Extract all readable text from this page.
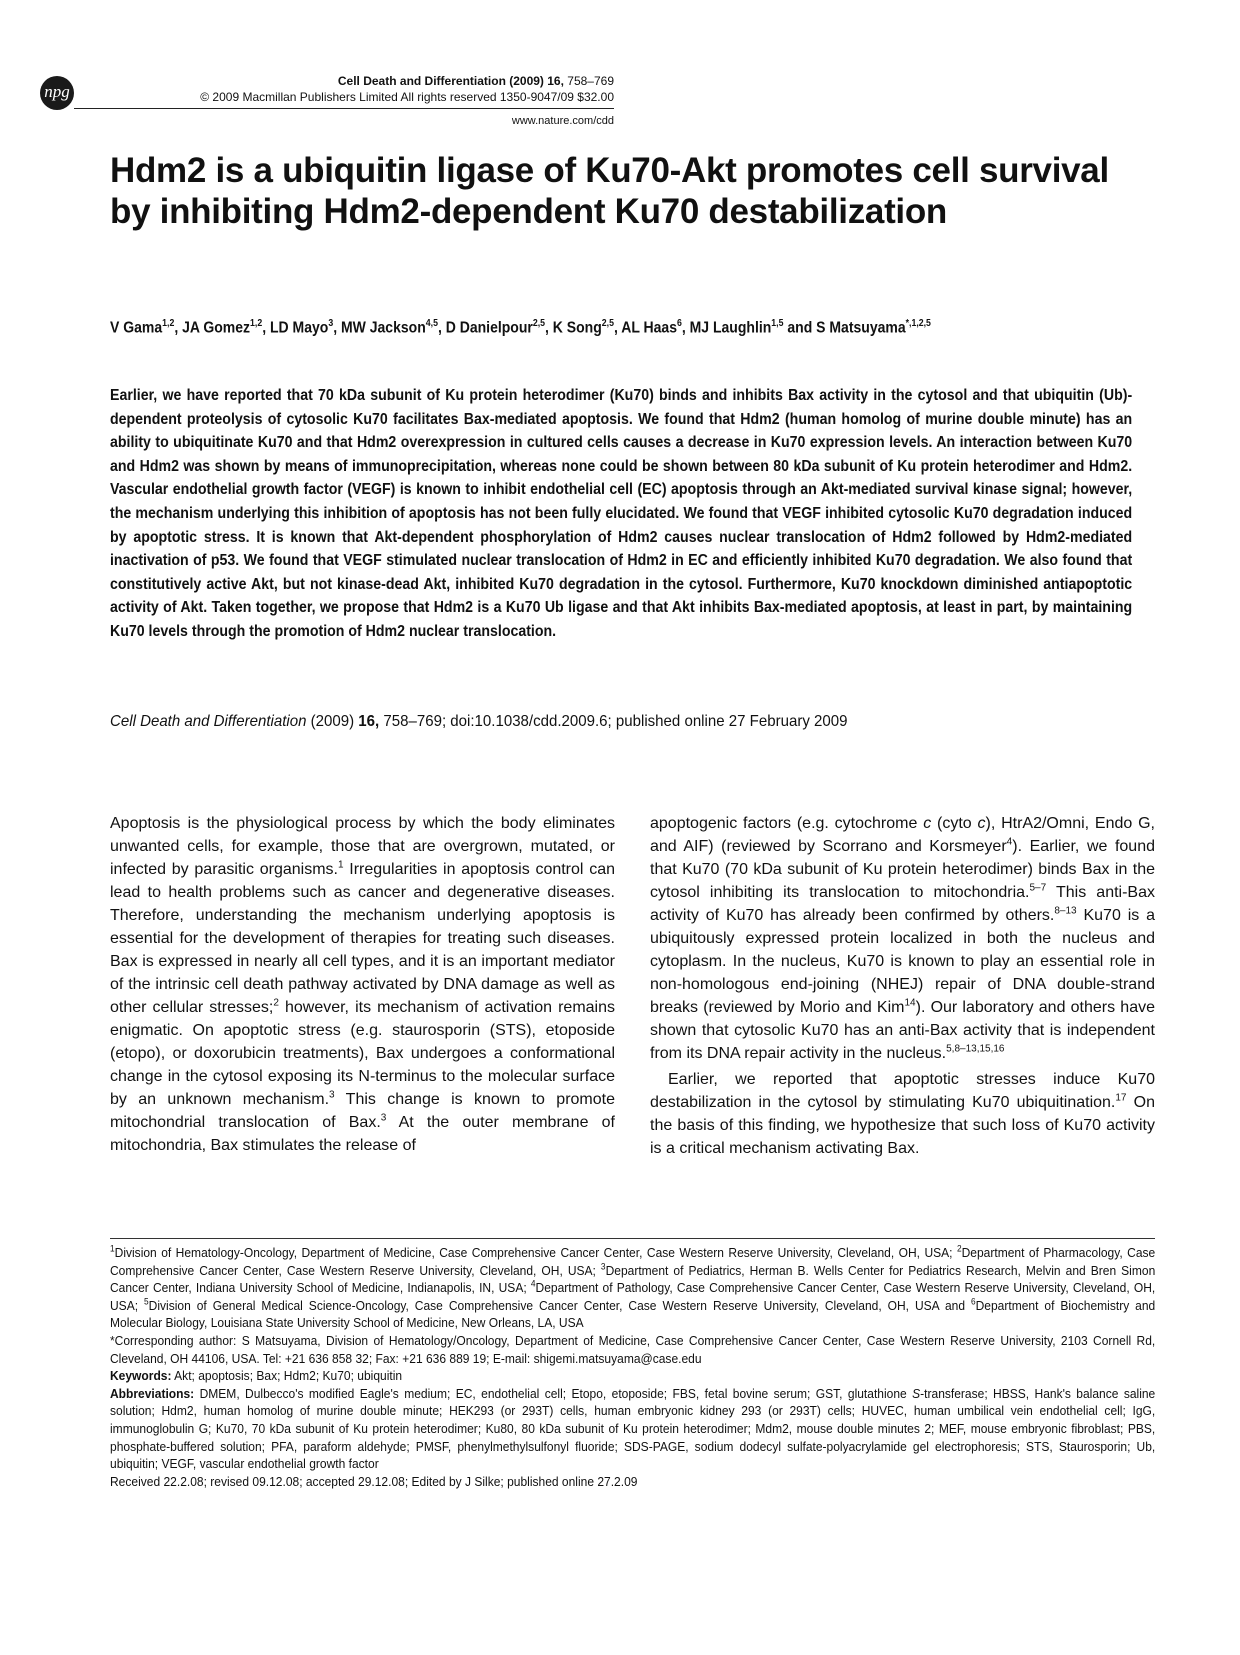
npg
Cell Death and Differentiation (2009) 16, 758–769
© 2009 Macmillan Publishers Limited All rights reserved 1350-9047/09 $32.00
www.nature.com/cdd
Hdm2 is a ubiquitin ligase of Ku70-Akt promotes cell survival by inhibiting Hdm2-dependent Ku70 destabilization

V Gama$^{1,2}$, JA Gomez$^{1,2}$, LD Mayo$^3$, MW Jackson$^{4,5}$, D Danielpour$^{2,5}$, K Song$^{2,5}$, AL Haas$^6$, MJ Laughlin$^{1,5}$ and S Matsuyama$^{*,1,2,5}$

Earlier, we have reported that 70 kDa subunit of Ku protein heterodimer (Ku70) binds and inhibits Bax activity in the cytosol and that ubiquitin (Ub)-dependent proteolysis of cytosolic Ku70 facilitates Bax-mediated apoptosis. We found that Hdm2 (human homolog of murine double minute) has an ability to ubiquitinate Ku70 and that Hdm2 overexpression in cultured cells causes a decrease in Ku70 expression levels. An interaction between Ku70 and Hdm2 was shown by means of immunoprecipitation, whereas none could be shown between 80 kDa subunit of Ku protein heterodimer and Hdm2. Vascular endothelial growth factor (VEGF) is known to inhibit endothelial cell (EC) apoptosis through an Akt-mediated survival kinase signal; however, the mechanism underlying this inhibition of apoptosis has not been fully elucidated. We found that VEGF inhibited cytosolic Ku70 degradation induced by apoptotic stress. It is known that Akt-dependent phosphorylation of Hdm2 causes nuclear translocation of Hdm2 followed by Hdm2-mediated inactivation of p53. We found that VEGF stimulated nuclear translocation of Hdm2 in EC and efficiently inhibited Ku70 degradation. We also found that constitutively active Akt, but not kinase-dead Akt, inhibited Ku70 degradation in the cytosol. Furthermore, Ku70 knockdown diminished antiapoptotic activity of Akt. Taken together, we propose that Hdm2 is a Ku70 Ub ligase and that Akt inhibits Bax-mediated apoptosis, at least in part, by maintaining Ku70 levels through the promotion of Hdm2 nuclear translocation.

Cell Death and Differentiation (2009) 16, 758–769; doi:10.1038/cdd.2009.6; published online 27 February 2009

Apoptosis is the physiological process by which the body eliminates unwanted cells, for example, those that are overgrown, mutated, or infected by parasitic organisms.$^1$ Irregularities in apoptosis control can lead to health problems such as cancer and degenerative diseases. Therefore, understanding the mechanism underlying apoptosis is essential for the development of therapies for treating such diseases. Bax is expressed in nearly all cell types, and it is an important mediator of the intrinsic cell death pathway activated by DNA damage as well as other cellular stresses;$^2$ however, its mechanism of activation remains enigmatic. On apoptotic stress (e.g. staurosporin (STS), etoposide (etopo), or doxorubicin treatments), Bax undergoes a conformational change in the cytosol exposing its N-terminus to the molecular surface by an unknown mechanism.$^3$ This change is known to promote mitochondrial translocation of Bax.$^3$ At the outer membrane of mitochondria, Bax stimulates the release of

apoptogenic factors (e.g. cytochrome c (cyto c), HtrA2/Omni, Endo G, and AIF) (reviewed by Scorrano and Korsmeyer$^4$). Earlier, we found that Ku70 (70 kDa subunit of Ku protein heterodimer) binds Bax in the cytosol inhibiting its translocation to mitochondria.$^{5-7}$ This anti-Bax activity of Ku70 has already been confirmed by others.$^{8-13}$ Ku70 is a ubiquitously expressed protein localized in both the nucleus and cytoplasm. In the nucleus, Ku70 is known to play an essential role in non-homologous end-joining (NHEJ) repair of DNA double-strand breaks (reviewed by Morio and Kim$^{14}$). Our laboratory and others have shown that cytosolic Ku70 has an anti-Bax activity that is independent from its DNA repair activity in the nucleus.$^{5,8-13,15,16}$
Earlier, we reported that apoptotic stresses induce Ku70 destabilization in the cytosol by stimulating Ku70 ubiquitination.$^{17}$ On the basis of this finding, we hypothesize that such loss of Ku70 activity is a critical mechanism activating Bax.

$^1$Division of Hematology-Oncology, Department of Medicine, Case Comprehensive Cancer Center, Case Western Reserve University, Cleveland, OH, USA; $^2$Department of Pharmacology, Case Comprehensive Cancer Center, Case Western Reserve University, Cleveland, OH, USA; $^3$Department of Pediatrics, Herman B. Wells Center for Pediatrics Research, Melvin and Bren Simon Cancer Center, Indiana University School of Medicine, Indianapolis, IN, USA; $^4$Department of Pathology, Case Comprehensive Cancer Center, Case Western Reserve University, Cleveland, OH, USA; $^5$Division of General Medical Science-Oncology, Case Comprehensive Cancer Center, Case Western Reserve University, Cleveland, OH, USA and $^6$Department of Biochemistry and Molecular Biology, Louisiana State University School of Medicine, New Orleans, LA, USA

*Corresponding author: S Matsuyama, Division of Hematology/Oncology, Department of Medicine, Case Comprehensive Cancer Center, Case Western Reserve University, 2103 Cornell Rd, Cleveland, OH 44106, USA. Tel: +21 636 858 32; Fax: +21 636 889 19; E-mail: shigemi.matsuyama@case.edu

Keywords: Akt; apoptosis; Bax; Hdm2; Ku70; ubiquitin

Abbreviations: DMEM, Dulbecco's modified Eagle's medium; EC, endothelial cell; Etopo, etoposide; FBS, fetal bovine serum; GST, glutathione S-transferase; HBSS, Hank's balance saline solution; Hdm2, human homolog of murine double minute; HEK293 (or 293T) cells, human embryonic kidney 293 (or 293T) cells; HUVEC, human umbilical vein endothelial cell; IgG, immunoglobulin G; Ku70, 70 kDa subunit of Ku protein heterodimer; Ku80, 80 kDa subunit of Ku protein heterodimer; Mdm2, mouse double minutes 2; MEF, mouse embryonic fibroblast; PBS, phosphate-buffered solution; PFA, paraform aldehyde; PMSF, phenylmethylsulfonyl fluoride; SDS-PAGE, sodium dodecyl sulfate-polyacrylamide gel electrophoresis; STS, Staurosporin; Ub, ubiquitin; VEGF, vascular endothelial growth factor

Received 22.2.08; revised 09.12.08; accepted 29.12.08; Edited by J Silke; published online 27.2.09
